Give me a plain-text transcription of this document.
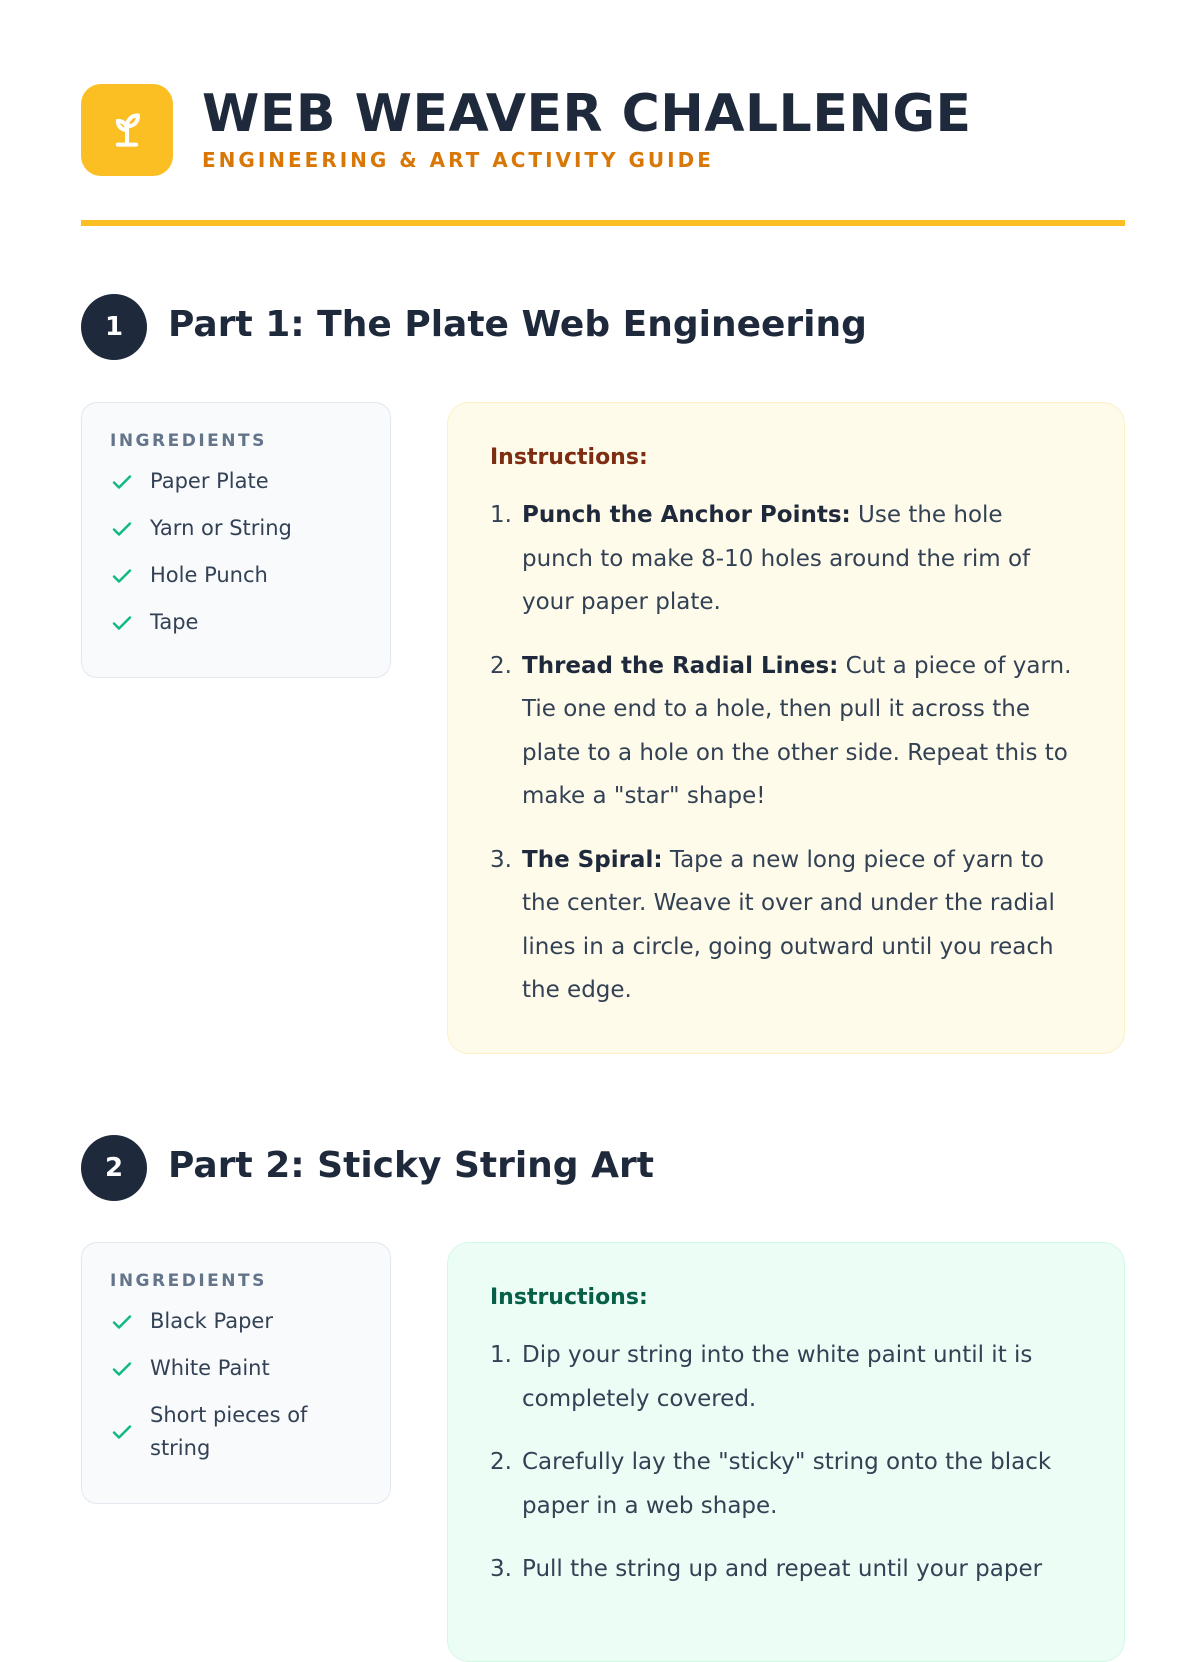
WEB WEAVER CHALLENGE
ENGINEERING & ART ACTIVITY GUIDE
1	Part 1: The Plate Web Engineering
INGREDIENTS
Paper Plate
Yarn or String
Hole Punch
Tape
Instructions:
1. Punch the Anchor Points: Use the hole punch to make 8-10 holes around the rim of your paper plate.
2. Thread the Radial Lines: Cut a piece of yarn. Tie one end to a hole, then pull it across the plate to a hole on the other side. Repeat this to make a "star" shape!
3. The Spiral: Tape a new long piece of yarn to the center. Weave it over and under the radial lines in a circle, going outward until you reach the edge.
2	Part 2: Sticky String Art
INGREDIENTS
Black Paper
White Paint
Short pieces of string
Instructions:
1. Dip your string into the white paint until it is completely covered.
2. Carefully lay the "sticky" string onto the black paper in a web shape.
3. Pull the string up and repeat until your paper
